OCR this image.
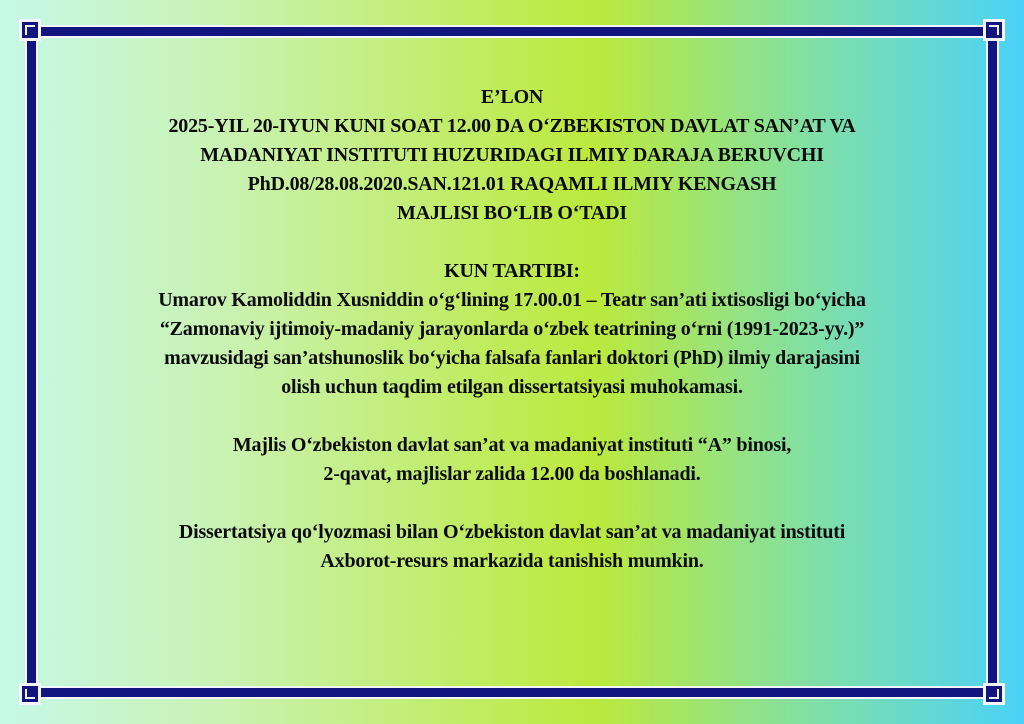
E’LON
2025-YIL 20-IYUN KUNI SOAT 12.00 DA O‘ZBEKISTON DAVLAT SAN’AT VA
MADANIYAT INSTITUTI HUZURIDAGI ILMIY DARAJA BERUVCHI
PhD.08/28.08.2020.SAN.121.01 RAQAMLI ILMIY KENGASH
MAJLISI BO‘LIB O‘TADI
KUN TARTIBI:
Umarov Kamoliddin Xusniddin o‘g‘lining 17.00.01 – Teatr san’ati ixtisosligi bo‘yicha
“Zamonaviy ijtimoiy-madaniy jarayonlarda o‘zbek teatrining o‘rni (1991-2023-yy.)”
mavzusidagi san’atshunoslik bo‘yicha falsafa fanlari doktori (PhD) ilmiy darajasini
olish uchun taqdim etilgan dissertatsiyasi muhokamasi.
Majlis O‘zbekiston davlat san’at va madaniyat instituti “A” binosi,
2-qavat, majlislar zalida 12.00 da boshlanadi.
Dissertatsiya qo‘lyozmasi bilan O‘zbekiston davlat san’at va madaniyat instituti
Axborot-resurs markazida tanishish mumkin.
